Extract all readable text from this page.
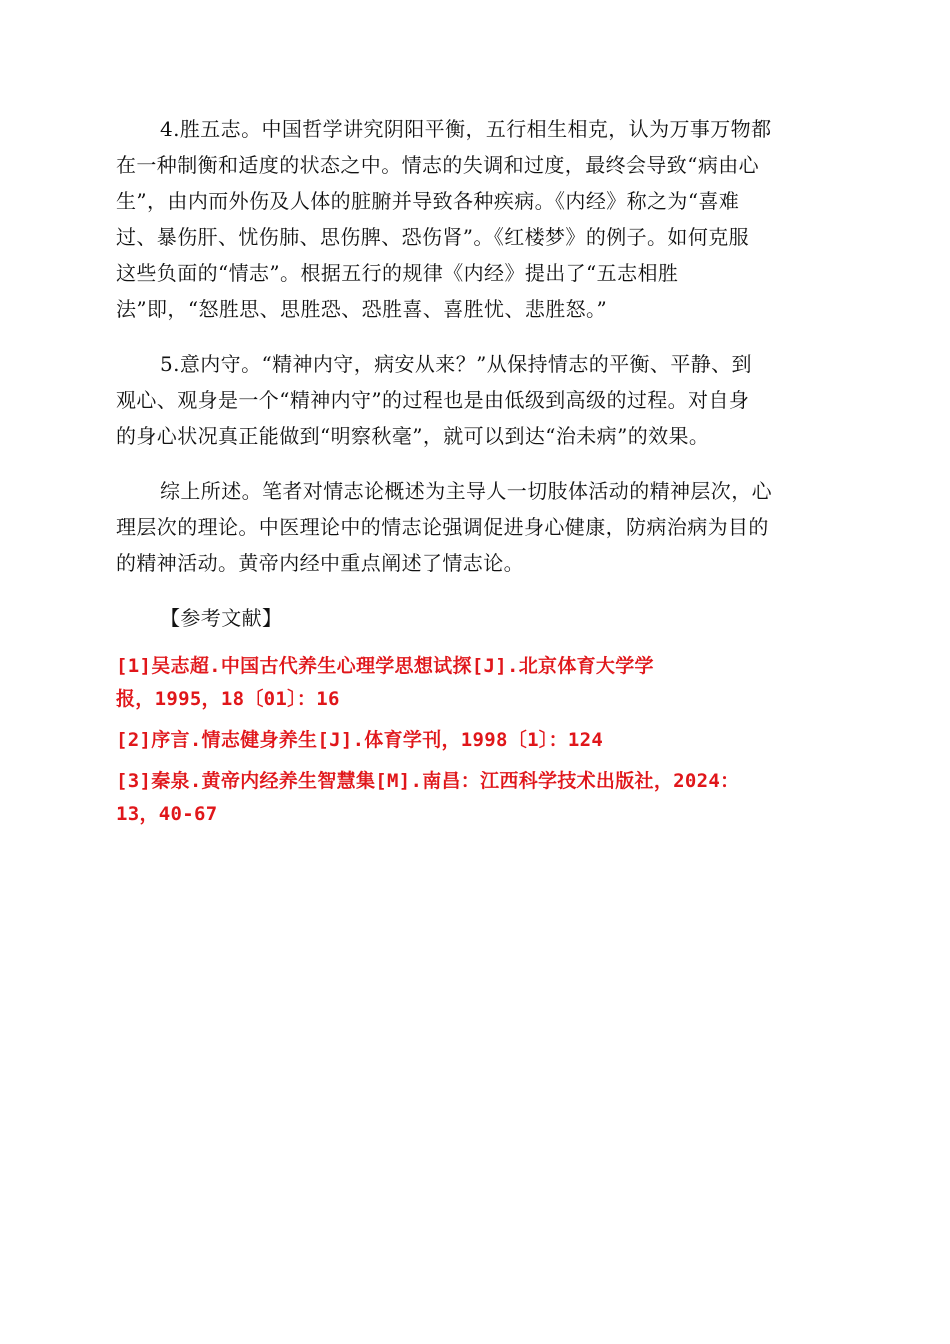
4.胜五志。中国哲学讲究阴阳平衡，五行相生相克，认为万事万物都
在一种制衡和适度的状态之中。情志的失调和过度，最终会导致“病由心
生”，由内而外伤及人体的脏腑并导致各种疾病。《内经》称之为“喜难
过、暴伤肝、忧伤肺、思伤脾、恐伤肾”。《红楼梦》的例子。如何克服
这些负面的“情志”。根据五行的规律《内经》提出了“五志相胜
法”即，“怒胜思、思胜恐、恐胜喜、喜胜忧、悲胜怒。”

5.意内守。“精神内守，病安从来？”从保持情志的平衡、平静、到
观心、观身是一个“精神内守”的过程也是由低级到高级的过程。对自身
的身心状况真正能做到“明察秋毫”，就可以到达“治未病”的效果。

综上所述。笔者对情志论概述为主导人一切肢体活动的精神层次，心
理层次的理论。中医理论中的情志论强调促进身心健康，防病治病为目的
的精神活动。黄帝内经中重点阐述了情志论。

【参考文献】
[1]吴志超.中国古代养生心理学思想试探[J].北京体育大学学
报，1995，18〔01〕：16
[2]序言.情志健身养生[J].体育学刊，1998〔1〕：124
[3]秦泉.黄帝内经养生智慧集[M].南昌：江西科学技术出版社，2024：
13，40-67
